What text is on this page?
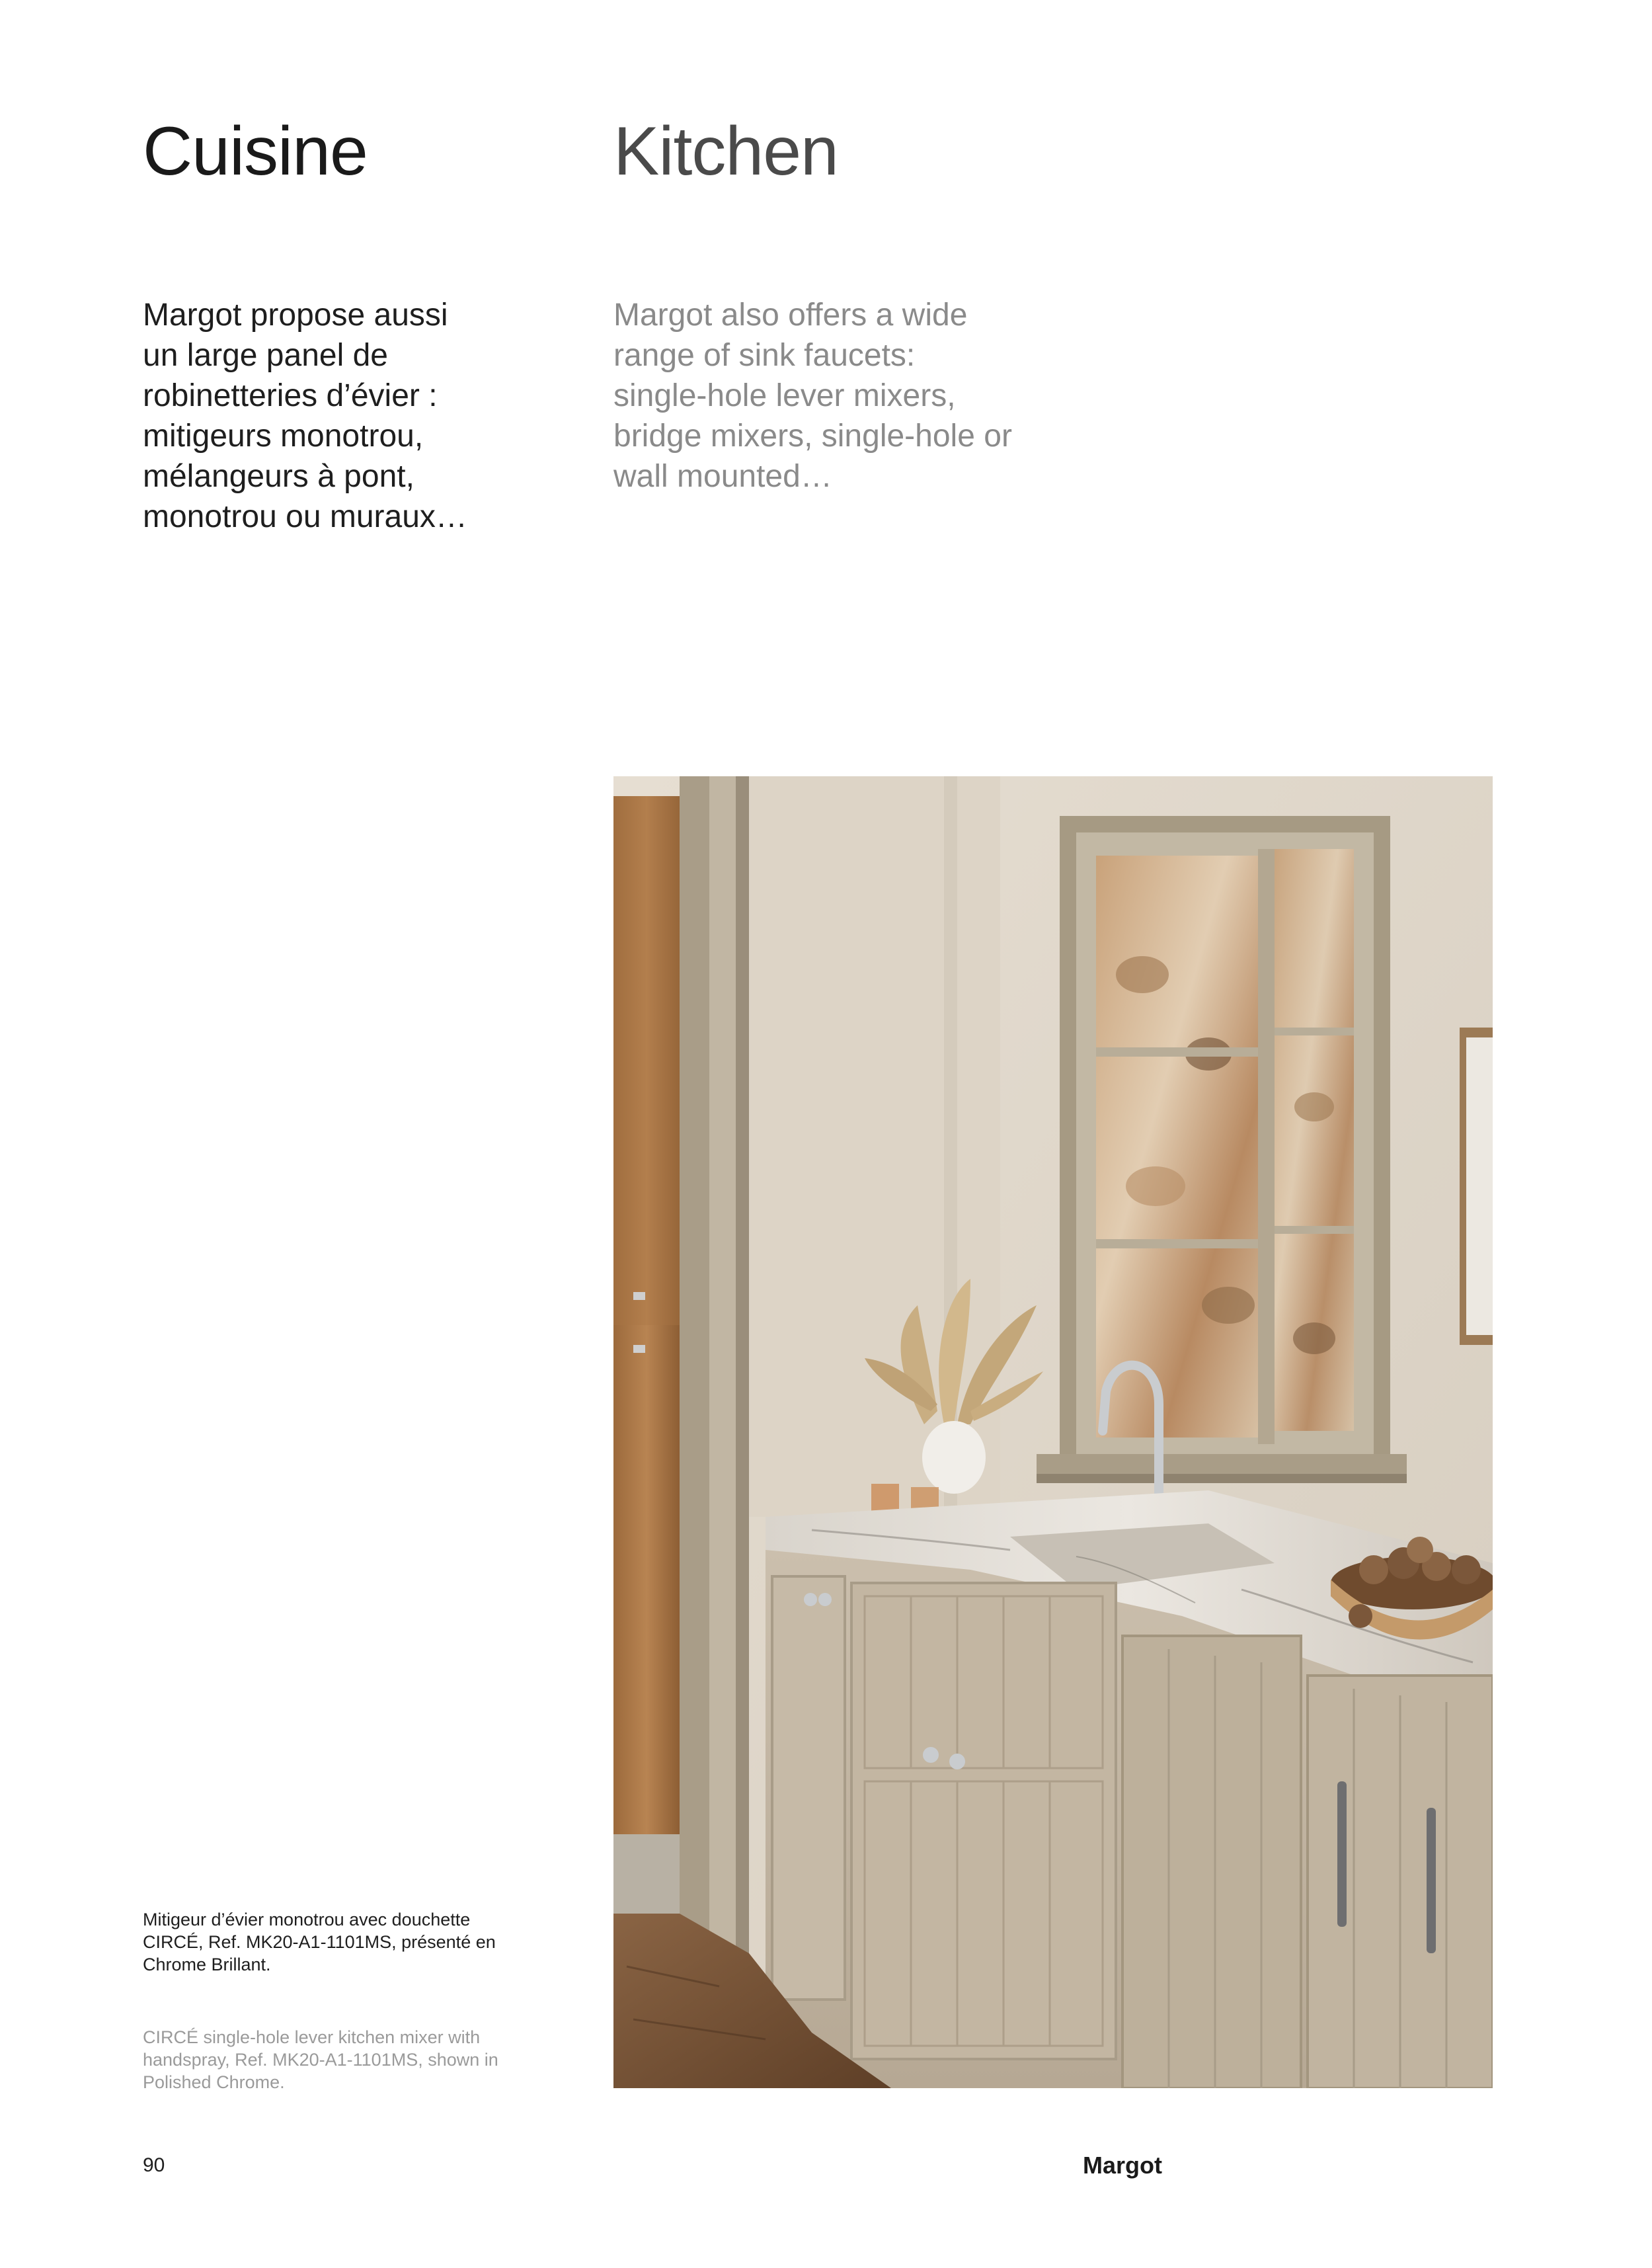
Cuisine	Kitchen

Margot propose aussi
un large panel de
robinetteries d’évier :
mitigeurs monotrou,
mélangeurs à pont,
monotrou ou muraux…

Margot also offers a wide
range of sink faucets:
single-hole lever mixers,
bridge mixers, single-hole or
wall mounted…

Mitigeur d’évier monotrou avec douchette
CIRCÉ, Ref. MK20-A1-1101MS, présenté en
Chrome Brillant.

CIRCÉ single-hole lever kitchen mixer with
handspray, Ref. MK20-A1-1101MS, shown in
Polished Chrome.

90	Margot
